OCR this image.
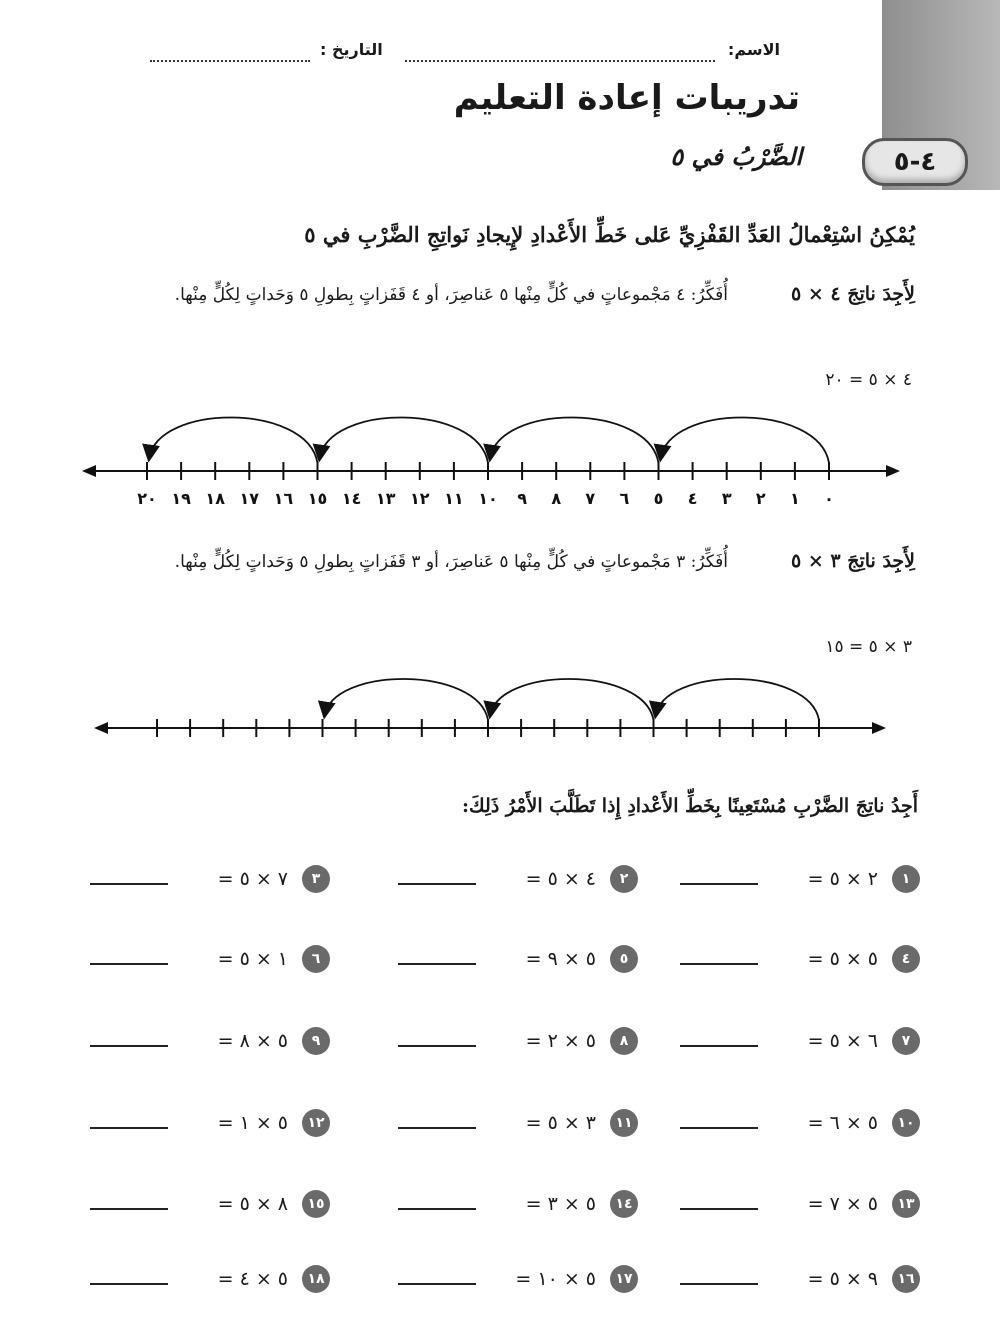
٤-٥
الاسم:
التاريخ :
تدريبات إعادة التعليم
الضَّرْبُ في ٥
يُمْكِنُ اسْتِعْمالُ العَدِّ القَفْزِيِّ عَلى خَطِّ الأَعْدادِ لإِيجادِ نَواتِجِ الضَّرْبِ في ٥
لِأَجِدَ ناتِجَ ٤ × ٥
أُفَكِّرُ: ٤ مَجْموعاتٍ في كُلٍّ مِنْها ٥ عَناصِرَ، أو ٤ قَفَزاتٍ بِطولِ ٥ وَحَداتٍ لِكُلٍّ مِنْها.
٤ × ٥ = ٢٠
٠
١
٢
٣
٤
٥
٦
٧
٨
٩
١٠
١١
١٢
١٣
١٤
١٥
١٦
١٧
١٨
١٩
٢٠
لِأَجِدَ ناتِجَ ٣ × ٥
أُفَكِّرُ: ٣ مَجْموعاتٍ في كُلٍّ مِنْها ٥ عَناصِرَ، أو ٣ قَفَزاتٍ بِطولِ ٥ وَحَداتٍ لِكُلٍّ مِنْها.
٣ × ٥ = ١٥
أَجِدُ ناتِجَ الضَّرْبِ مُسْتَعِينًا بِخَطِّ الأَعْدادِ إِذا تَطَلَّبَ الأَمْرُ ذَلِكَ:
١
٢ × ٥ =
٢
٤ × ٥ =
٣
٧ × ٥ =
٤
٥ × ٥ =
٥
٥ × ٩ =
٦
١ × ٥ =
٧
٦ × ٥ =
٨
٥ × ٢ =
٩
٥ × ٨ =
١٠
٥ × ٦ =
١١
٣ × ٥ =
١٢
٥ × ١ =
١٣
٥ × ٧ =
١٤
٥ × ٣ =
١٥
٨ × ٥ =
١٦
٩ × ٥ =
١٧
٥ × ١٠ =
١٨
٥ × ٤ =
